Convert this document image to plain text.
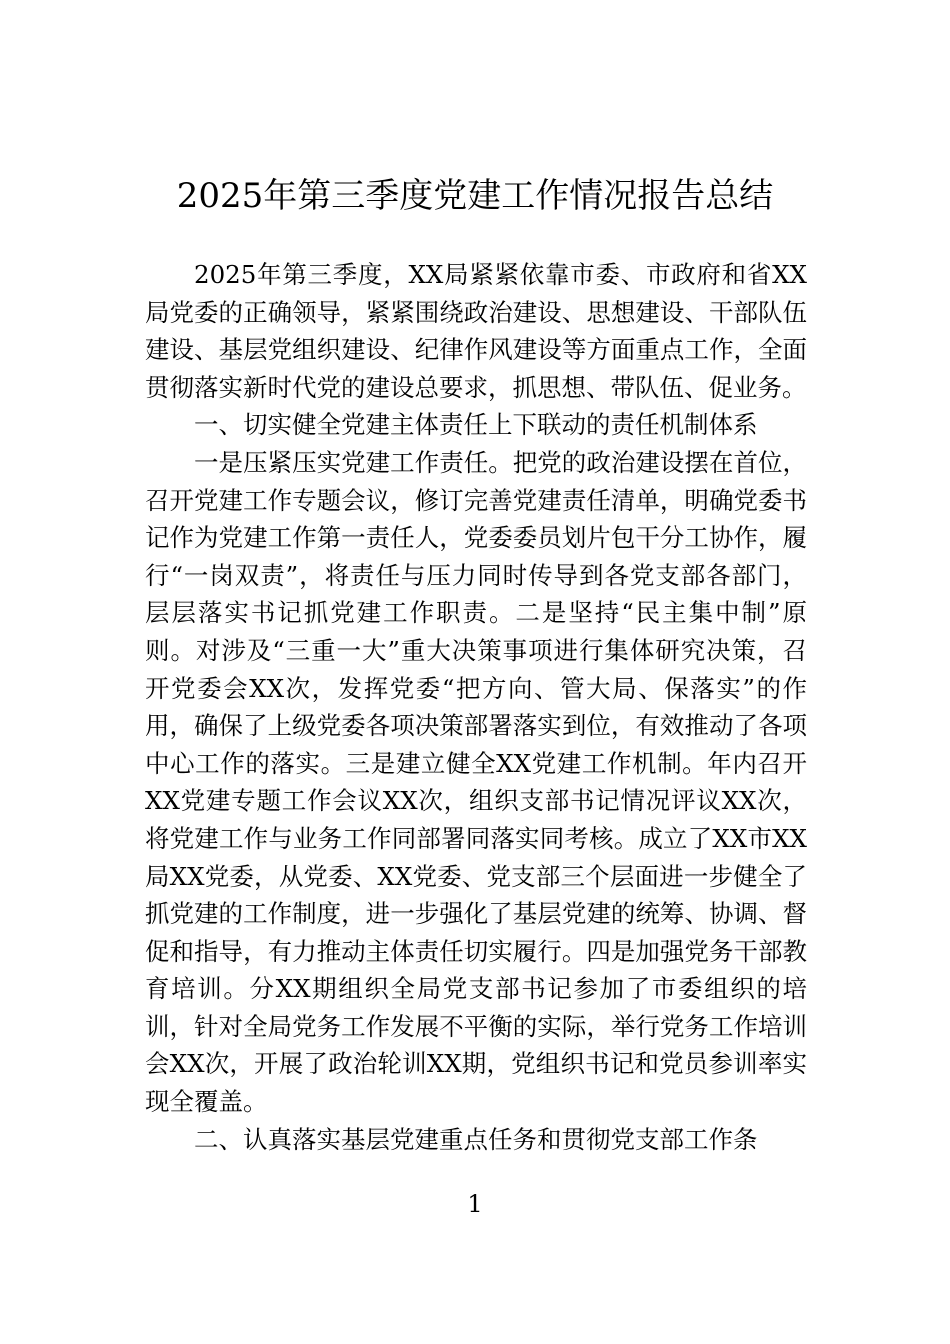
2025年第三季度党建工作情况报告总结

2025年第三季度，XX局紧紧依靠市委、市政府和省XX局党委的正确领导，紧紧围绕政治建设、思想建设、干部队伍建设、基层党组织建设、纪律作风建设等方面重点工作，全面贯彻落实新时代党的建设总要求，抓思想、带队伍、促业务。

一、切实健全党建主体责任上下联动的责任机制体系

一是压紧压实党建工作责任。把党的政治建设摆在首位，召开党建工作专题会议，修订完善党建责任清单，明确党委书记作为党建工作第一责任人，党委委员划片包干分工协作，履行“一岗双责”，将责任与压力同时传导到各党支部各部门，层层落实书记抓党建工作职责。二是坚持“民主集中制”原则。对涉及“三重一大”重大决策事项进行集体研究决策，召开党委会XX次，发挥党委“把方向、管大局、保落实”的作用，确保了上级党委各项决策部署落实到位，有效推动了各项中心工作的落实。三是建立健全XX党建工作机制。年内召开XX党建专题工作会议XX次，组织支部书记情况评议XX次，将党建工作与业务工作同部署同落实同考核。成立了XX市XX局XX党委，从党委、XX党委、党支部三个层面进一步健全了抓党建的工作制度，进一步强化了基层党建的统筹、协调、督促和指导，有力推动主体责任切实履行。四是加强党务干部教育培训。分XX期组织全局党支部书记参加了市委组织的培训，针对全局党务工作发展不平衡的实际，举行党务工作培训会XX次，开展了政治轮训XX期，党组织书记和党员参训率实现全覆盖。

二、认真落实基层党建重点任务和贯彻党支部工作条

1
